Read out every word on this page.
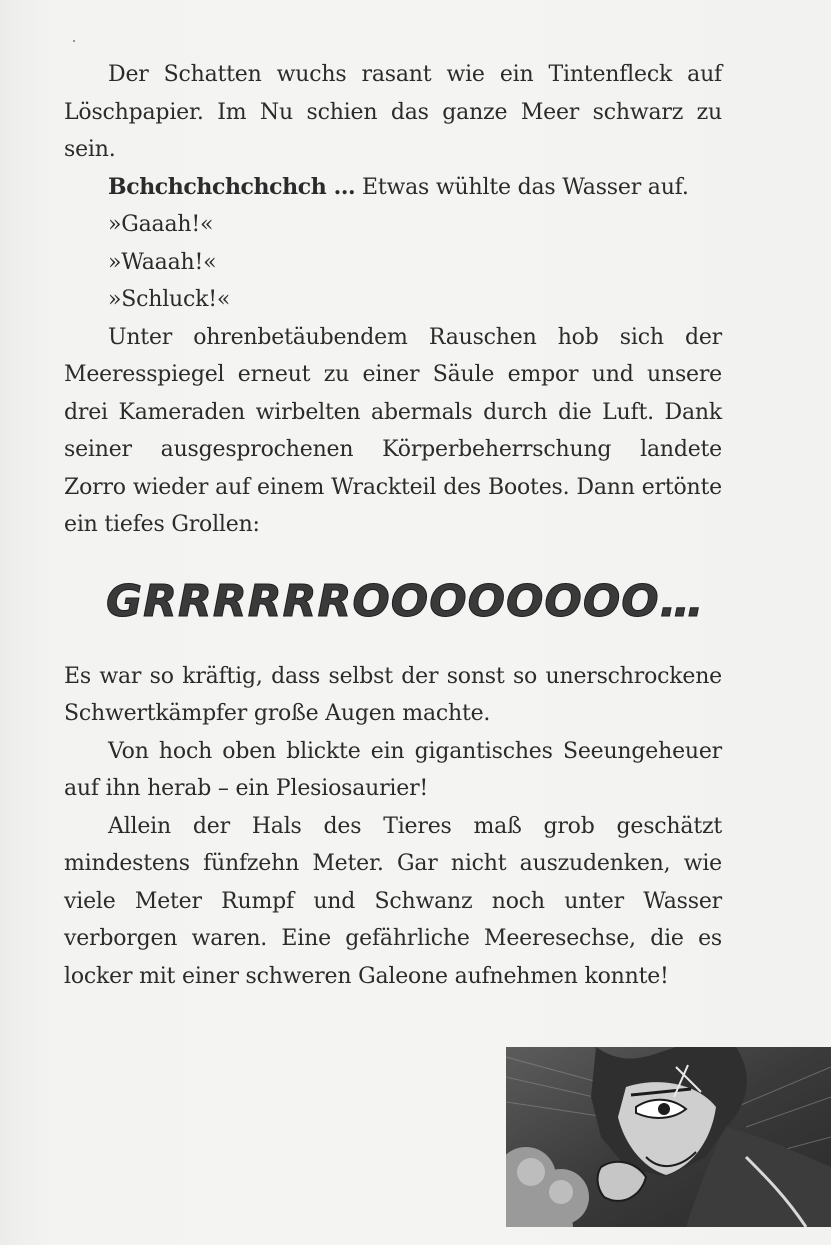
Der Schatten wuchs rasant wie ein Tintenfleck auf Löschpapier. Im Nu schien das ganze Meer schwarz zu sein.

Bchchchchchchch … Etwas wühlte das Wasser auf.

»Gaaah!«

»Waaah!«

»Schluck!«

Unter ohrenbetäubendem Rauschen hob sich der Meeresspiegel erneut zu einer Säule empor und unsere drei Kameraden wirbelten abermals durch die Luft. Dank seiner ausgesprochenen Körperbeherrschung landete Zorro wieder auf einem Wrackteil des Bootes. Dann ertönte ein tiefes Grollen:

GRRRRRROOOOOOOO…

Es war so kräftig, dass selbst der sonst so unerschrockene Schwertkämpfer große Augen machte.

Von hoch oben blickte ein gigantisches Seeungeheuer auf ihn herab – ein Plesiosaurier!

Allein der Hals des Tieres maß grob geschätzt mindestens fünfzehn Meter. Gar nicht auszudenken, wie viele Meter Rumpf und Schwanz noch unter Wasser verborgen waren. Eine gefährliche Meeresechse, die es locker mit einer schweren Galeone aufnehmen konnte!
